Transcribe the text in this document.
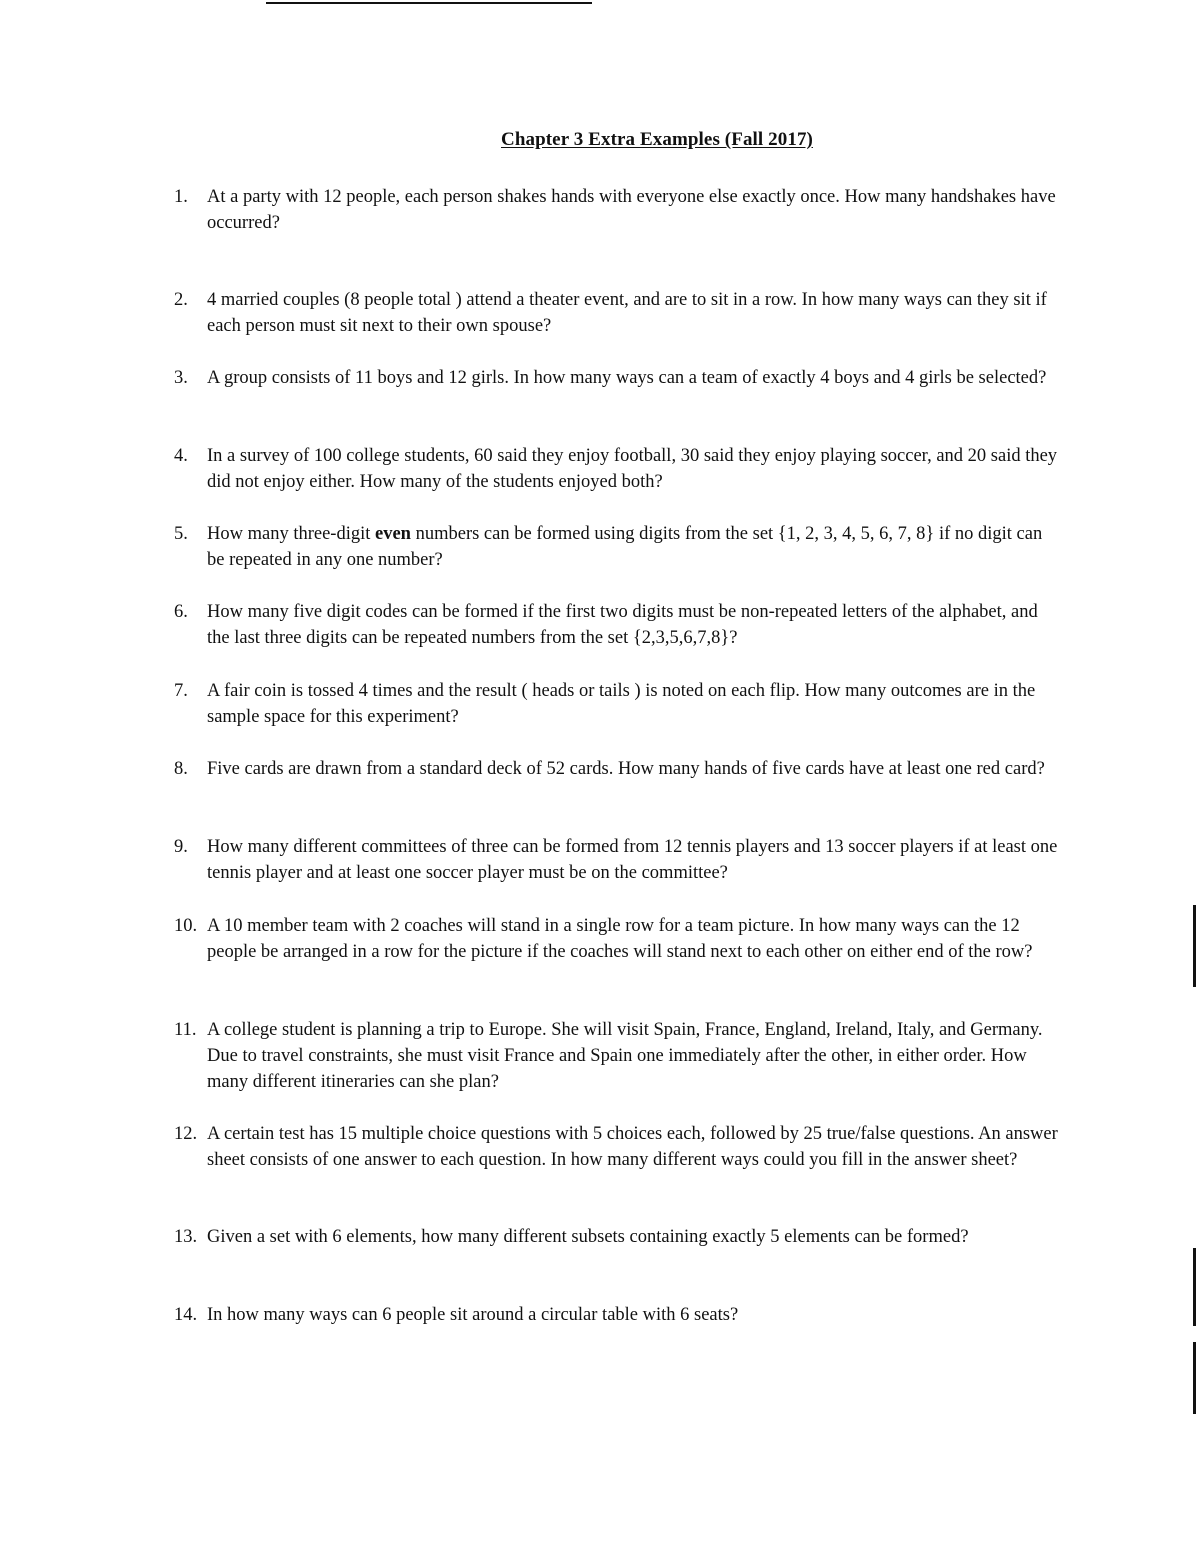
Chapter 3 Extra Examples (Fall 2017)
1.	At a party with 12 people, each person shakes hands with everyone else exactly once. How many handshakes have occurred?
2.	4 married couples (8 people total ) attend a theater event, and are to sit in a row. In how many ways can they sit if each person must sit next to their own spouse?
3.	A group consists of 11 boys and 12 girls. In how many ways can a team of exactly 4 boys and 4 girls be selected?
4.	In a survey of 100 college students, 60 said they enjoy football, 30 said they enjoy playing soccer, and 20 said they did not enjoy either. How many of the students enjoyed both?
5.	How many three-digit even numbers can be formed using digits from the set {1, 2, 3, 4, 5, 6, 7, 8} if no digit can be repeated in any one number?
6.	How many five digit codes can be formed if the first two digits must be non-repeated letters of the alphabet, and the last three digits can be repeated numbers from the set {2,3,5,6,7,8}?
7.	A fair coin is tossed 4 times and the result ( heads or tails ) is noted on each flip. How many outcomes are in the sample space for this experiment?
8.	Five cards are drawn from a standard deck of 52 cards. How many hands of five cards have at least one red card?
9.	How many different committees of three can be formed from 12 tennis players and 13 soccer players if at least one tennis player and at least one soccer player must be on the committee?
10. A 10 member team with 2 coaches will stand in a single row for a team picture. In how many ways can the 12 people be arranged in a row for the picture if the coaches will stand next to each other on either end of the row?
11. A college student is planning a trip to Europe. She will visit Spain, France, England, Ireland, Italy, and Germany. Due to travel constraints, she must visit France and Spain one immediately after the other, in either order. How many different itineraries can she plan?
12. A certain test has 15 multiple choice questions with 5 choices each, followed by 25 true/false questions. An answer sheet consists of one answer to each question. In how many different ways could you fill in the answer sheet?
13. Given a set with 6 elements, how many different subsets containing exactly 5 elements can be formed?
14. In how many ways can 6 people sit around a circular table with 6 seats?
